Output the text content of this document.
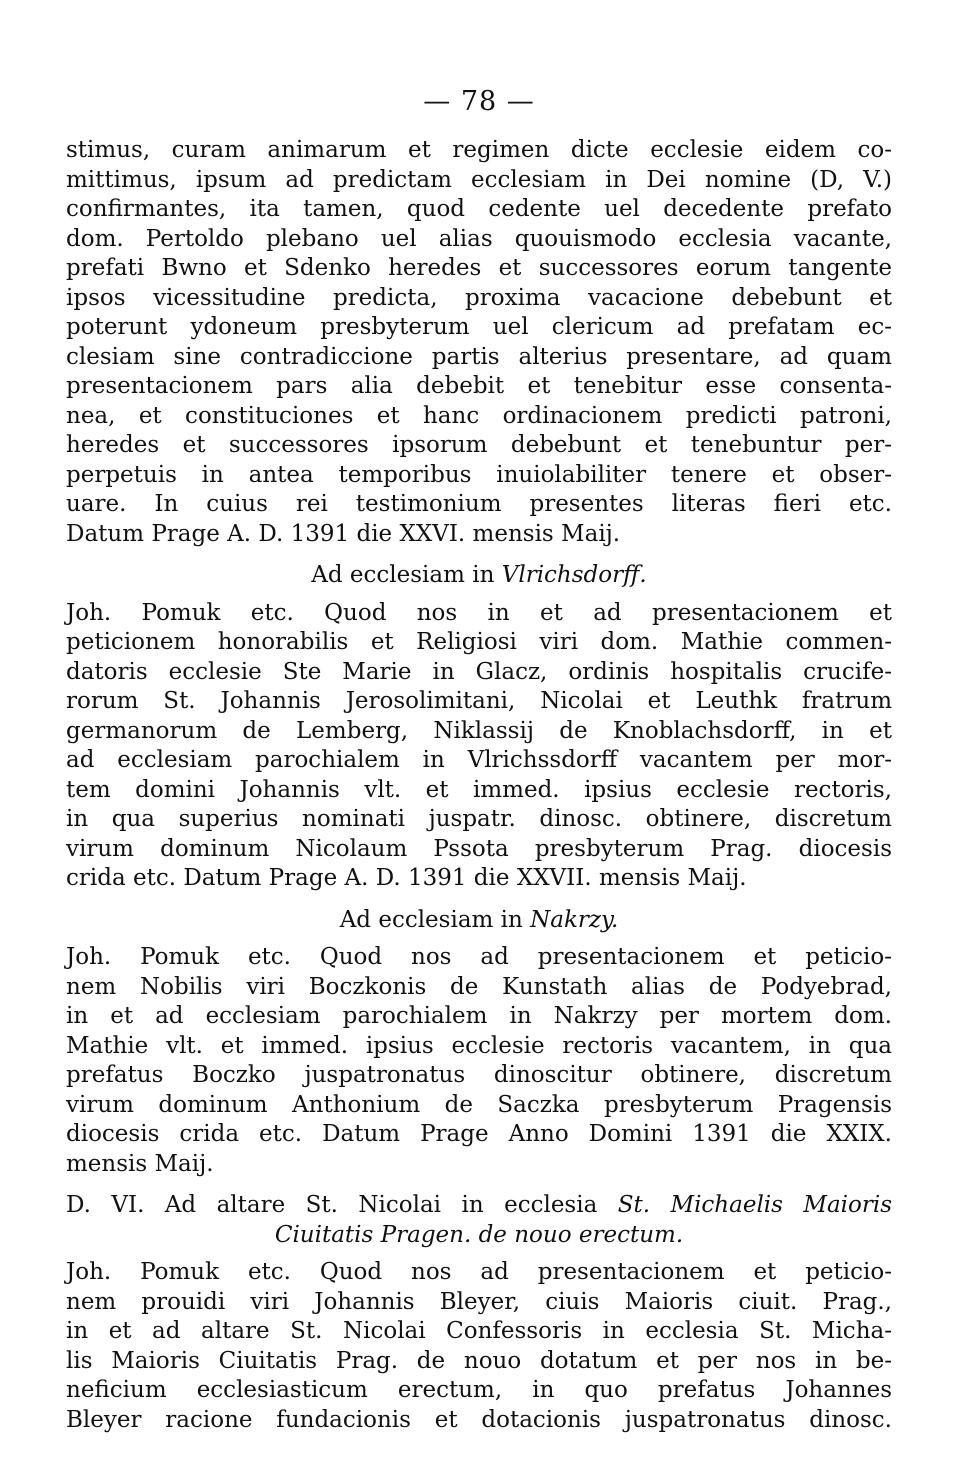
— 78 —
stimus, curam animarum et regimen dicte ecclesie eidem co-
mittimus, ipsum ad predictam ecclesiam in Dei nomine (D, V.)
confirmantes, ita tamen, quod cedente uel decedente prefato
dom. Pertoldo plebano uel alias quouismodo ecclesia vacante,
prefati Bwno et Sdenko heredes et successores eorum tangente
ipsos vicessitudine predicta, proxima vacacione debebunt et
poterunt ydoneum presbyterum uel clericum ad prefatam ec-
clesiam sine contradiccione partis alterius presentare, ad quam
presentacionem pars alia debebit et tenebitur esse consenta-
nea, et constituciones et hanc ordinacionem predicti patroni,
heredes et successores ipsorum debebunt et tenebuntur per-
perpetuis in antea temporibus inuiolabiliter tenere et obser-
uare. In cuius rei testimonium presentes literas fieri etc.
Datum Prage A. D. 1391 die XXVI. mensis Maij.
Ad ecclesiam in Vlrichsdorff.
Joh. Pomuk etc. Quod nos in et ad presentacionem et
peticionem honorabilis et Religiosi viri dom. Mathie commen-
datoris ecclesie Ste Marie in Glacz, ordinis hospitalis crucife-
rorum St. Johannis Jerosolimitani, Nicolai et Leuthk fratrum
germanorum de Lemberg, Niklassij de Knoblachsdorff, in et
ad ecclesiam parochialem in Vlrichssdorff vacantem per mor-
tem domini Johannis vlt. et immed. ipsius ecclesie rectoris,
in qua superius nominati juspatr. dinosc. obtinere, discretum
virum dominum Nicolaum Pssota presbyterum Prag. diocesis
crida etc. Datum Prage A. D. 1391 die XXVII. mensis Maij.
Ad ecclesiam in Nakrzy.
Joh. Pomuk etc. Quod nos ad presentacionem et peticio-
nem Nobilis viri Boczkonis de Kunstath alias de Podyebrad,
in et ad ecclesiam parochialem in Nakrzy per mortem dom.
Mathie vlt. et immed. ipsius ecclesie rectoris vacantem, in qua
prefatus Boczko juspatronatus dinoscitur obtinere, discretum
virum dominum Anthonium de Saczka presbyterum Pragensis
diocesis crida etc. Datum Prage Anno Domini 1391 die XXIX.
mensis Maij.
D. VI. Ad altare St. Nicolai in ecclesia St. Michaelis Maioris
Ciuitatis Pragen. de nouo erectum.
Joh. Pomuk etc. Quod nos ad presentacionem et peticio-
nem prouidi viri Johannis Bleyer, ciuis Maioris ciuit. Prag.,
in et ad altare St. Nicolai Confessoris in ecclesia St. Micha-
lis Maioris Ciuitatis Prag. de nouo dotatum et per nos in be-
neficium ecclesiasticum erectum, in quo prefatus Johannes
Bleyer racione fundacionis et dotacionis juspatronatus dinosc.
